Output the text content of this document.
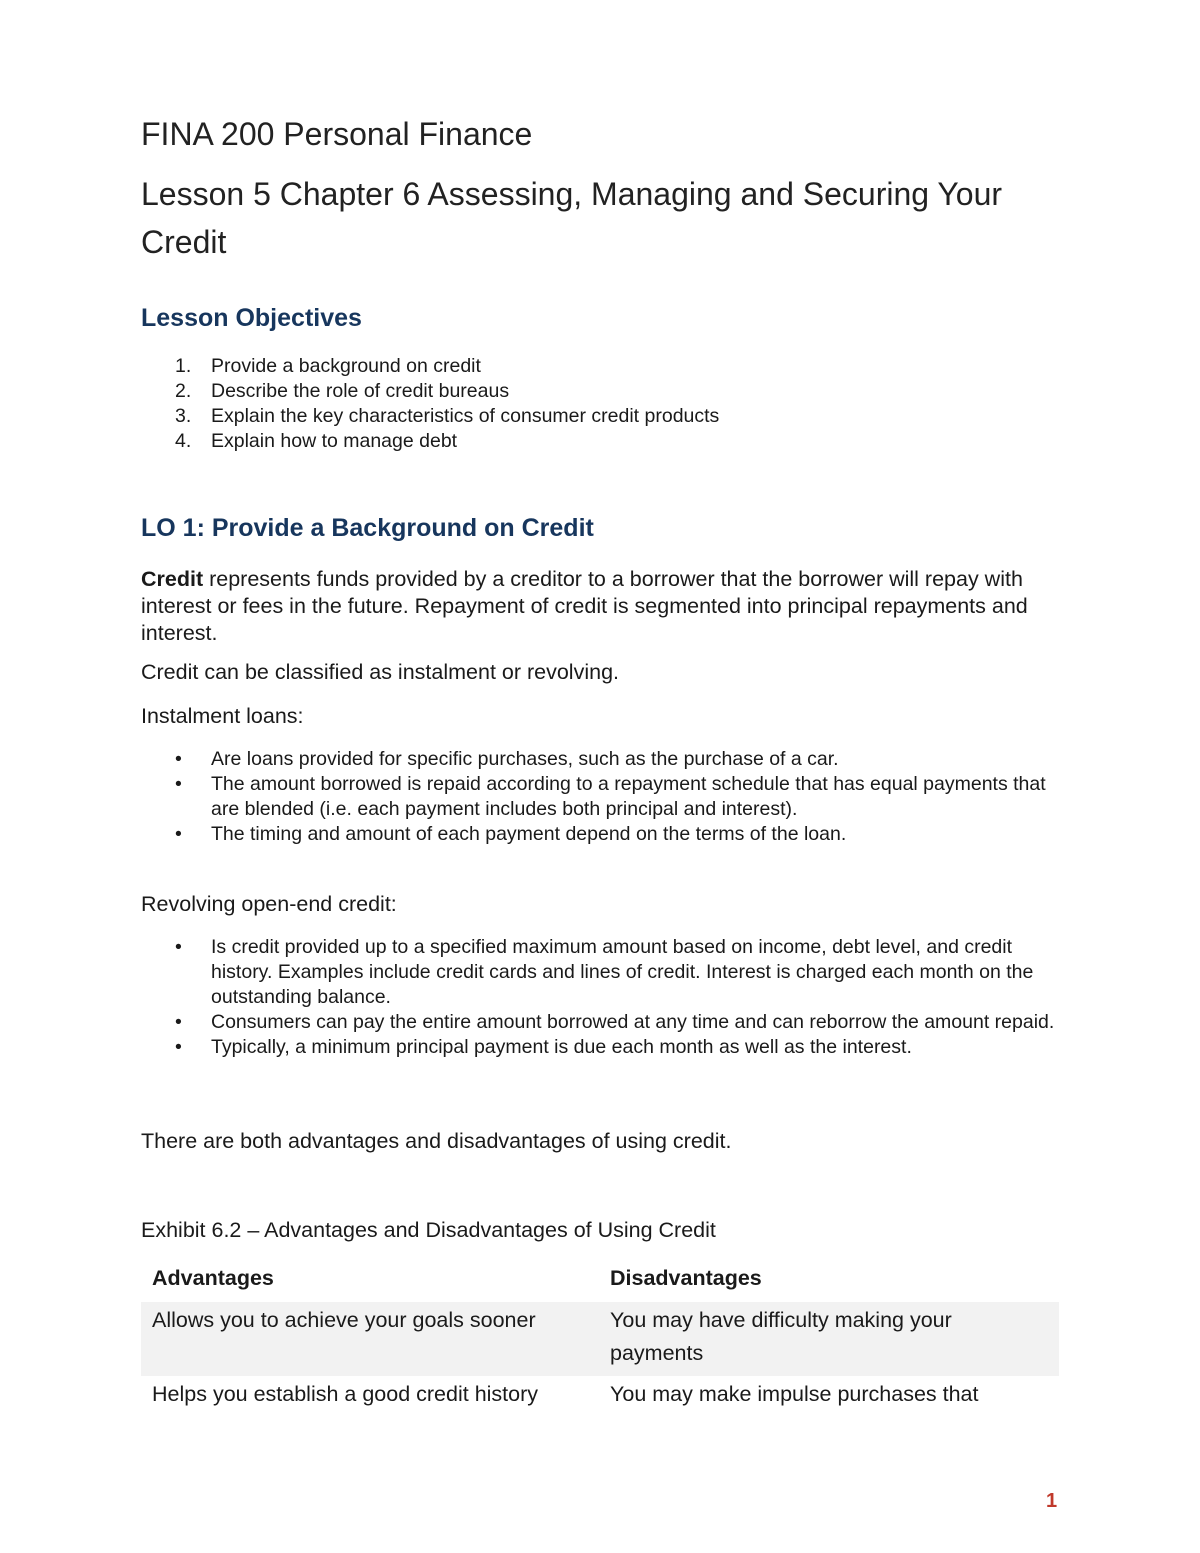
FINA 200 Personal Finance
Lesson 5 Chapter 6 Assessing, Managing and Securing Your Credit
Lesson Objectives
1. Provide a background on credit
2. Describe the role of credit bureaus
3. Explain the key characteristics of consumer credit products
4. Explain how to manage debt
LO 1: Provide a Background on Credit

Credit represents funds provided by a creditor to a borrower that the borrower will repay with interest or fees in the future. Repayment of credit is segmented into principal repayments and interest.

Credit can be classified as instalment or revolving.

Instalment loans:

• Are loans provided for specific purchases, such as the purchase of a car.
• The amount borrowed is repaid according to a repayment schedule that has equal payments that are blended (i.e. each payment includes both principal and interest).
• The timing and amount of each payment depend on the terms of the loan.

Revolving open-end credit:

• Is credit provided up to a specified maximum amount based on income, debt level, and credit history. Examples include credit cards and lines of credit. Interest is charged each month on the outstanding balance.
• Consumers can pay the entire amount borrowed at any time and can reborrow the amount repaid.
• Typically, a minimum principal payment is due each month as well as the interest.

There are both advantages and disadvantages of using credit.

Exhibit 6.2 – Advantages and Disadvantages of Using Credit

Advantages	Disadvantages
Allows you to achieve your goals sooner	You may have difficulty making your payments
Helps you establish a good credit history	You may make impulse purchases that
1
